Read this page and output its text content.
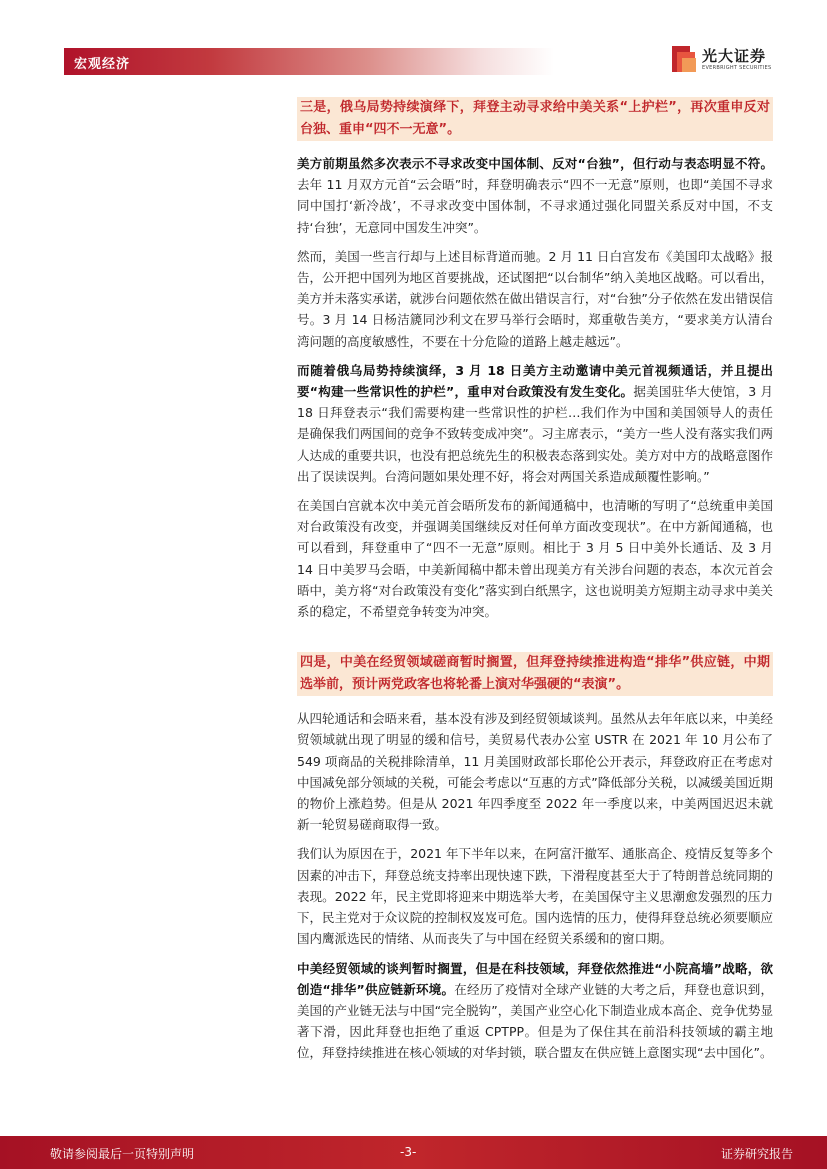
宏观经济	光大证券
EVERBRIGHT SECURITIES
三是，俄乌局势持续演绎下，拜登主动寻求给中美关系“上护栏”，再次重申反对台独、重申“四不一无意”。

美方前期虽然多次表示不寻求改变中国体制、反对“台独”，但行动与表态明显不符。去年 11 月双方元首“云会晤”时，拜登明确表示“四不一无意”原则，也即“美国不寻求同中国打‘新冷战’，不寻求改变中国体制，不寻求通过强化同盟关系反对中国，不支持‘台独’，无意同中国发生冲突”。

然而，美国一些言行却与上述目标背道而驰。2 月 11 日白宫发布《美国印太战略》报告，公开把中国列为地区首要挑战，还试图把“以台制华”纳入美地区战略。可以看出，美方并未落实承诺，就涉台问题依然在做出错误言行，对“台独”分子依然在发出错误信号。3 月 14 日杨洁篪同沙利文在罗马举行会晤时，郑重敬告美方，“要求美方认清台湾问题的高度敏感性，不要在十分危险的道路上越走越远”。

而随着俄乌局势持续演绎，3 月 18 日美方主动邀请中美元首视频通话，并且提出要“构建一些常识性的护栏”，重申对台政策没有发生变化。据美国驻华大使馆，3 月 18 日拜登表示“我们需要构建一些常识性的护栏…我们作为中国和美国领导人的责任是确保我们两国间的竞争不致转变成冲突”。习主席表示，“美方一些人没有落实我们两人达成的重要共识，也没有把总统先生的积极表态落到实处。美方对中方的战略意图作出了误读误判。台湾问题如果处理不好，将会对两国关系造成颠覆性影响。”

在美国白宫就本次中美元首会晤所发布的新闻通稿中，也清晰的写明了“总统重申美国对台政策没有改变，并强调美国继续反对任何单方面改变现状”。在中方新闻通稿，也可以看到，拜登重申了“四不一无意”原则。相比于 3 月 5 日中美外长通话、及 3 月 14 日中美罗马会晤，中美新闻稿中都未曾出现美方有关涉台问题的表态，本次元首会晤中，美方将“对台政策没有变化”落实到白纸黑字，这也说明美方短期主动寻求中美关系的稳定，不希望竞争转变为冲突。

四是，中美在经贸领域磋商暂时搁置，但拜登持续推进构造“排华”供应链，中期选举前，预计两党政客也将轮番上演对华强硬的“表演”。

从四轮通话和会晤来看，基本没有涉及到经贸领域谈判。虽然从去年年底以来，中美经贸领域就出现了明显的缓和信号，美贸易代表办公室 USTR 在 2021 年 10 月公布了 549 项商品的关税排除清单，11 月美国财政部长耶伦公开表示，拜登政府正在考虑对中国减免部分领域的关税，可能会考虑以“互惠的方式”降低部分关税，以减缓美国近期的物价上涨趋势。但是从 2021 年四季度至 2022 年一季度以来，中美两国迟迟未就新一轮贸易磋商取得一致。

我们认为原因在于，2021 年下半年以来，在阿富汗撤军、通胀高企、疫情反复等多个因素的冲击下，拜登总统支持率出现快速下跌，下滑程度甚至大于了特朗普总统同期的表现。2022 年，民主党即将迎来中期选举大考，在美国保守主义思潮愈发强烈的压力下，民主党对于众议院的控制权岌岌可危。国内选情的压力，使得拜登总统必须要顺应国内鹰派选民的情绪、从而丧失了与中国在经贸关系缓和的窗口期。

中美经贸领域的谈判暂时搁置，但是在科技领域，拜登依然推进“小院高墙”战略，欲创造“排华”供应链新环境。在经历了疫情对全球产业链的大考之后，拜登也意识到，美国的产业链无法与中国“完全脱钩”，美国产业空心化下制造业成本高企、竞争优势显著下滑，因此拜登也拒绝了重返 CPTPP。但是为了保住其在前沿科技领域的霸主地位，拜登持续推进在核心领域的对华封锁，联合盟友在供应链上意图实现“去中国化”。

敬请参阅最后一页特别声明	-3-	证券研究报告
